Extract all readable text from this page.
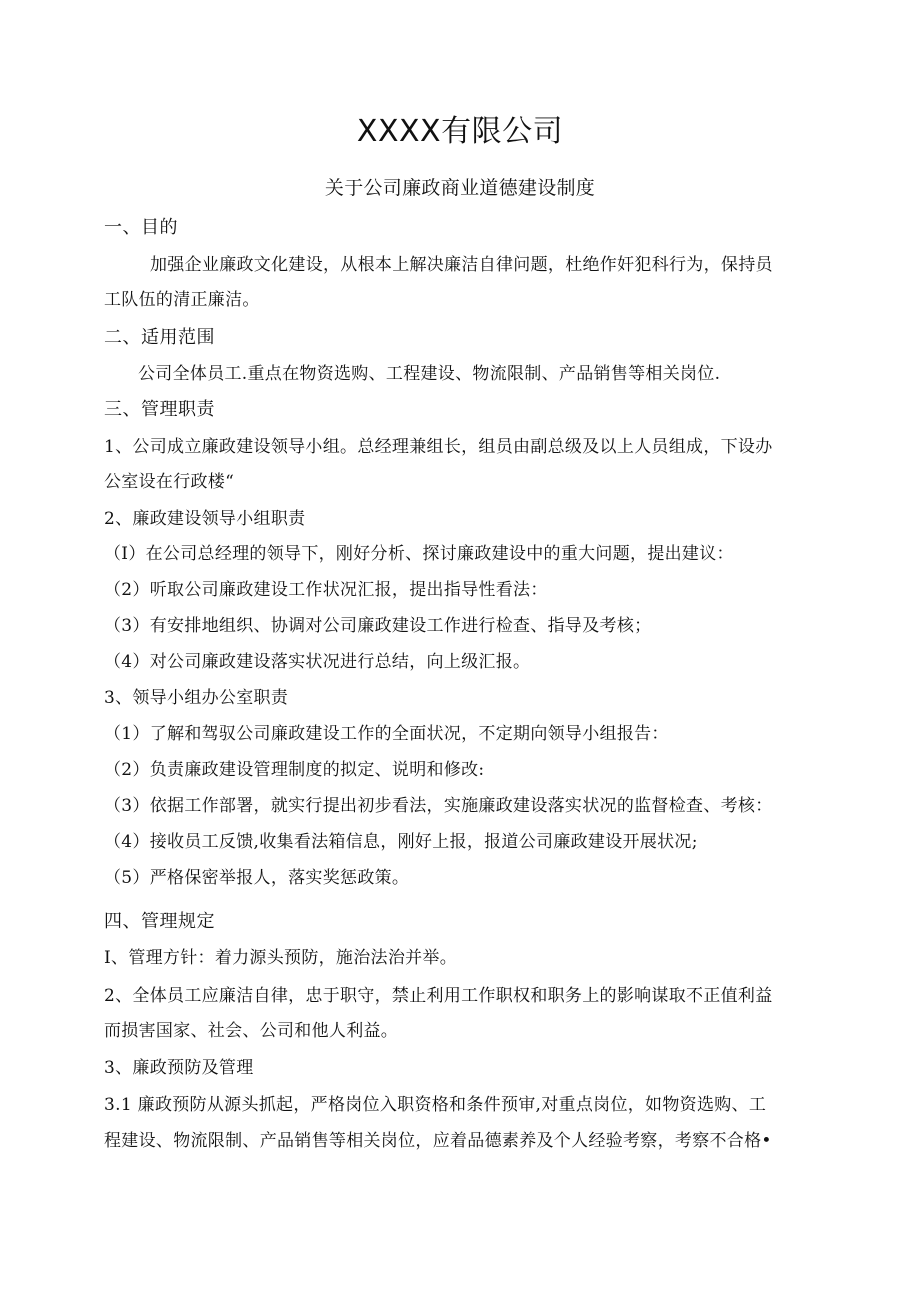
XXXX有限公司
关于公司廉政商业道德建设制度
一、目的
加强企业廉政文化建设，从根本上解决廉洁自律问题，杜绝作奸犯科行为，保持员
工队伍的清正廉洁。
二、适用范围
公司全体员工.重点在物资选购、工程建设、物流限制、产品销售等相关岗位.
三、管理职责
1、公司成立廉政建设领导小组。总经理兼组长，组员由副总级及以上人员组成，下设办
公室设在行政楼“
2、廉政建设领导小组职责
（I）在公司总经理的领导下，刚好分析、探讨廉政建设中的重大问题，提出建议：
（2）听取公司廉政建设工作状况汇报，提出指导性看法：
（3）有安排地组织、协调对公司廉政建设工作进行检查、指导及考核；
（4）对公司廉政建设落实状况进行总结，向上级汇报。
3、领导小组办公室职责
（1）了解和驾驭公司廉政建设工作的全面状况，不定期向领导小组报告：
（2）负责廉政建设管理制度的拟定、说明和修改:
（3）依据工作部署，就实行提出初步看法，实施廉政建设落实状况的监督检查、考核：
（4）接收员工反馈,收集看法箱信息，刚好上报，报道公司廉政建设开展状况;
（5）严格保密举报人，落实奖惩政策。
四、管理规定
I、管理方针：着力源头预防，施治法治并举。
2、全体员工应廉洁自律，忠于职守，禁止利用工作职权和职务上的影响谋取不正值利益
而损害国家、社会、公司和他人利益。
3、廉政预防及管理
3.1 廉政预防从源头抓起，严格岗位入职资格和条件预审,对重点岗位，如物资选购、工
程建设、物流限制、产品销售等相关岗位，应着品德素养及个人经验考察，考察不合格•
